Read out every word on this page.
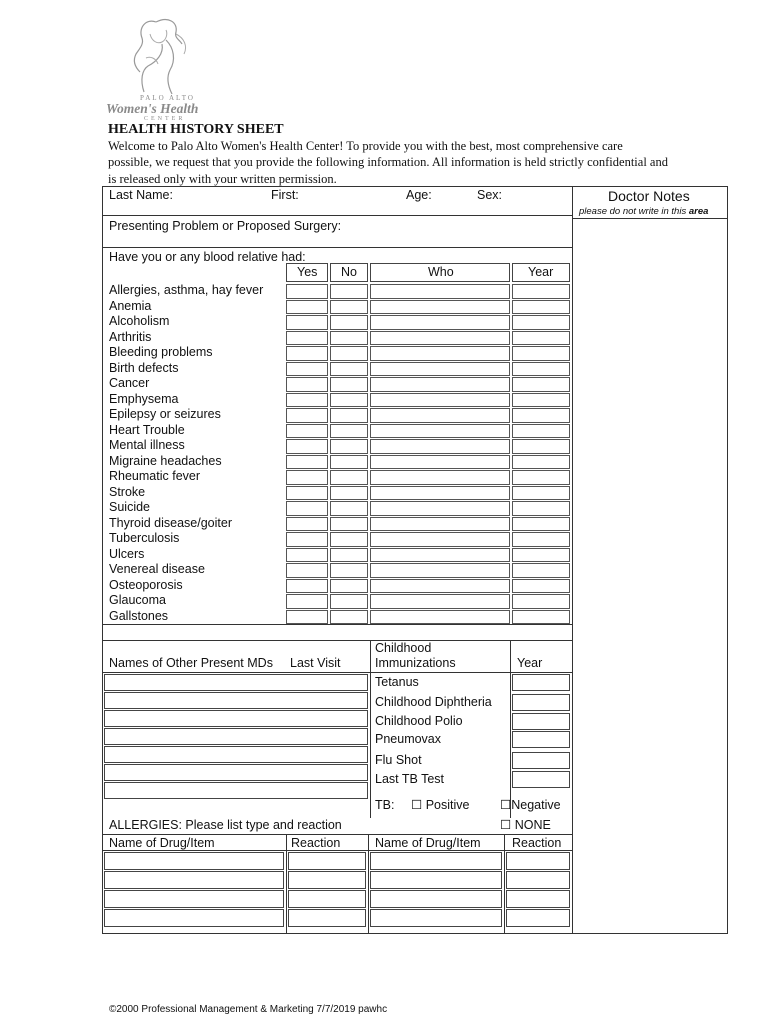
PALO ALTO
Women's Health
CENTER
HEALTH HISTORY SHEET
Welcome to Palo Alto Women's Health Center! To provide you with the best, most comprehensive care
possible, we request that you provide the following information. All information is held strictly confidential and
is released only with your written permission.
Doctor Notes
please do not write in this area
Last Name:	First:	Age:	Sex:
Presenting Problem or Proposed Surgery:
Have you or any blood relative had:
Yes No	Who	Year
Allergies, asthma, hay fever
Anemia
Alcoholism
Arthritis
Bleeding problems
Birth defects
Cancer
Emphysema
Epilepsy or seizures
Heart Trouble
Mental illness
Migraine headaches
Rheumatic fever
Stroke
Suicide
Thyroid disease/goiter
Tuberculosis
Ulcers
Venereal disease
Osteoporosis
Glaucoma
Gallstones
Names of Other Present MDs Last Visit
Childhood
Immunizations	Year
Tetanus
Childhood Diphtheria
Childhood Polio
Pneumovax
Flu Shot
Last TB Test
TB: ☐ Positive ☐Negative
ALLERGIES: Please list type and reaction	☐ NONE
Name of Drug/Item	Reaction	Name of Drug/Item	Reaction
©2000 Professional Management & Marketing 7/7/2019 pawhc
